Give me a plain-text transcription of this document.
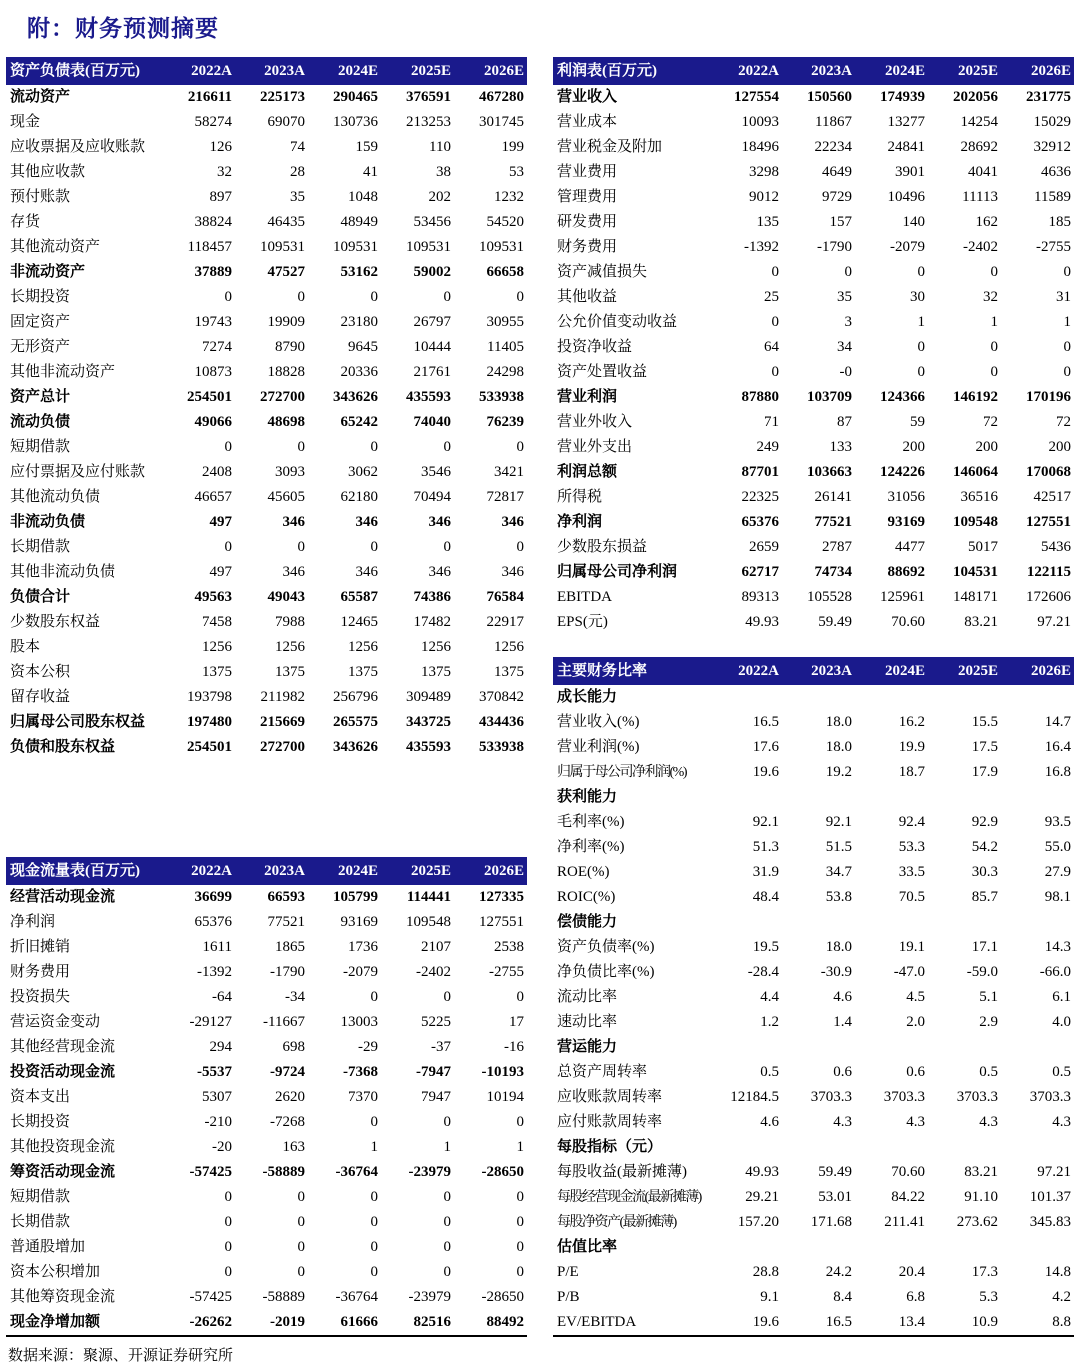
附：财务预测摘要
资产负债表(百万元)	2022A	2023A	2024E	2025E	2026E
流动资产	216611	225173	290465	376591	467280
现金	58274	69070	130736	213253	301745
应收票据及应收账款	126	74	159	110	199
其他应收款	32	28	41	38	53
预付账款	897	35	1048	202	1232
存货	38824	46435	48949	53456	54520
其他流动资产	118457	109531	109531	109531	109531
非流动资产	37889	47527	53162	59002	66658
长期投资	0	0	0	0	0
固定资产	19743	19909	23180	26797	30955
无形资产	7274	8790	9645	10444	11405
其他非流动资产	10873	18828	20336	21761	24298
资产总计	254501	272700	343626	435593	533938
流动负债	49066	48698	65242	74040	76239
短期借款	0	0	0	0	0
应付票据及应付账款	2408	3093	3062	3546	3421
其他流动负债	46657	45605	62180	70494	72817
非流动负债	497	346	346	346	346
长期借款	0	0	0	0	0
其他非流动负债	497	346	346	346	346
负债合计	49563	49043	65587	74386	76584
少数股东权益	7458	7988	12465	17482	22917
股本	1256	1256	1256	1256	1256
资本公积	1375	1375	1375	1375	1375
留存收益	193798	211982	256796	309489	370842
归属母公司股东权益	197480	215669	265575	343725	434436
负债和股东权益	254501	272700	343626	435593	533938
现金流量表(百万元)	2022A	2023A	2024E	2025E	2026E
经营活动现金流	36699	66593	105799	114441	127335
净利润	65376	77521	93169	109548	127551
折旧摊销	1611	1865	1736	2107	2538
财务费用	-1392	-1790	-2079	-2402	-2755
投资损失	-64	-34	0	0	0
营运资金变动	-29127	-11667	13003	5225	17
其他经营现金流	294	698	-29	-37	-16
投资活动现金流	-5537	-9724	-7368	-7947	-10193
资本支出	5307	2620	7370	7947	10194
长期投资	-210	-7268	0	0	0
其他投资现金流	-20	163	1	1	1
筹资活动现金流	-57425	-58889	-36764	-23979	-28650
短期借款	0	0	0	0	0
长期借款	0	0	0	0	0
普通股增加	0	0	0	0	0
资本公积增加	0	0	0	0	0
其他筹资现金流	-57425	-58889	-36764	-23979	-28650
现金净增加额	-26262	-2019	61666	82516	88492
利润表(百万元)	2022A	2023A	2024E	2025E	2026E
营业收入	127554	150560	174939	202056	231775
营业成本	10093	11867	13277	14254	15029
营业税金及附加	18496	22234	24841	28692	32912
营业费用	3298	4649	3901	4041	4636
管理费用	9012	9729	10496	11113	11589
研发费用	135	157	140	162	185
财务费用	-1392	-1790	-2079	-2402	-2755
资产减值损失	0	0	0	0	0
其他收益	25	35	30	32	31
公允价值变动收益	0	3	1	1	1
投资净收益	64	34	0	0	0
资产处置收益	0	-0	0	0	0
营业利润	87880	103709	124366	146192	170196
营业外收入	71	87	59	72	72
营业外支出	249	133	200	200	200
利润总额	87701	103663	124226	146064	170068
所得税	22325	26141	31056	36516	42517
净利润	65376	77521	93169	109548	127551
少数股东损益	2659	2787	4477	5017	5436
归属母公司净利润	62717	74734	88692	104531	122115
EBITDA	89313	105528	125961	148171	172606
EPS(元)	49.93	59.49	70.60	83.21	97.21
主要财务比率	2022A	2023A	2024E	2025E	2026E
成长能力					
营业收入(%)	16.5	18.0	16.2	15.5	14.7
营业利润(%)	17.6	18.0	19.9	17.5	16.4
归属于母公司净利润(%)	19.6	19.2	18.7	17.9	16.8
获利能力					
毛利率(%)	92.1	92.1	92.4	92.9	93.5
净利率(%)	51.3	51.5	53.3	54.2	55.0
ROE(%)	31.9	34.7	33.5	30.3	27.9
ROIC(%)	48.4	53.8	70.5	85.7	98.1
偿债能力					
资产负债率(%)	19.5	18.0	19.1	17.1	14.3
净负债比率(%)	-28.4	-30.9	-47.0	-59.0	-66.0
流动比率	4.4	4.6	4.5	5.1	6.1
速动比率	1.2	1.4	2.0	2.9	4.0
营运能力					
总资产周转率	0.5	0.6	0.6	0.5	0.5
应收账款周转率	12184.5	3703.3	3703.3	3703.3	3703.3
应付账款周转率	4.6	4.3	4.3	4.3	4.3
每股指标（元）					
每股收益(最新摊薄)	49.93	59.49	70.60	83.21	97.21
每股经营现金流(最新摊薄)	29.21	53.01	84.22	91.10	101.37
每股净资产(最新摊薄)	157.20	171.68	211.41	273.62	345.83
估值比率					
P/E	28.8	24.2	20.4	17.3	14.8
P/B	9.1	8.4	6.8	5.3	4.2
EV/EBITDA	19.6	16.5	13.4	10.9	8.8
数据来源：聚源、开源证券研究所
